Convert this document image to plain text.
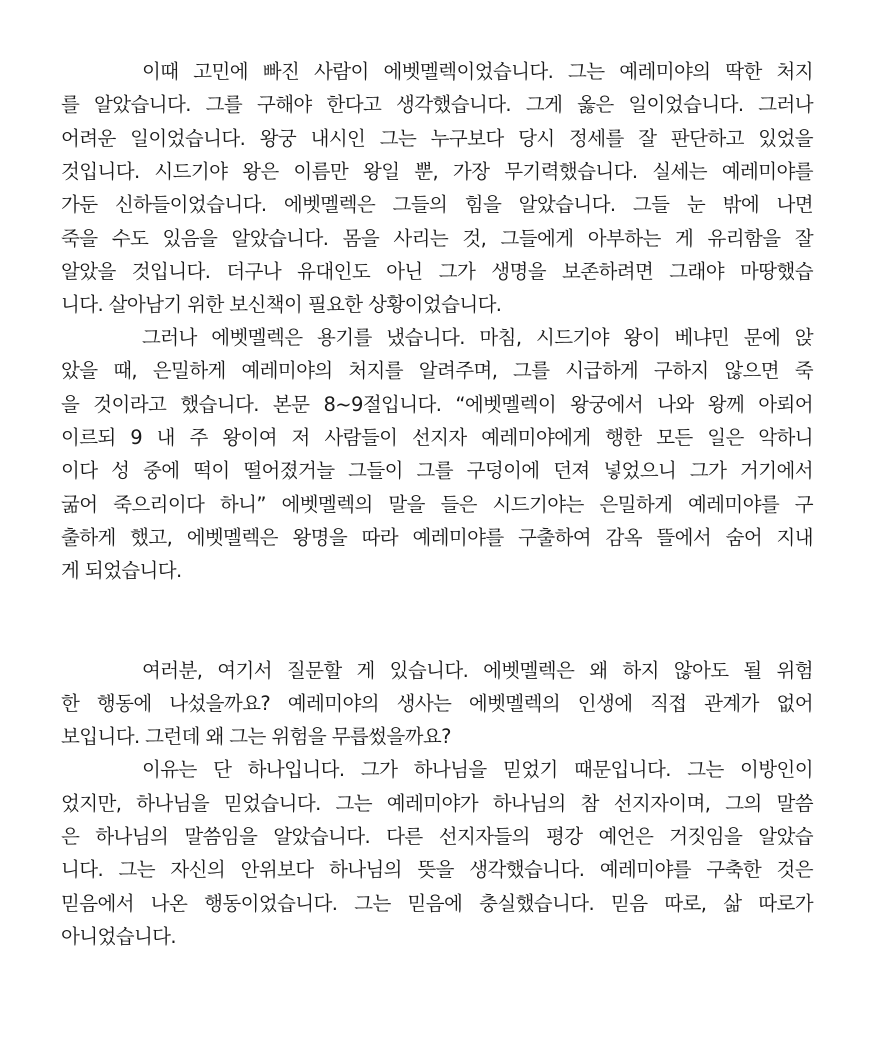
이때 고민에 빠진 사람이 에벳멜렉이었습니다. 그는 예레미야의 딱한 처지
를 알았습니다. 그를 구해야 한다고 생각했습니다. 그게 옳은 일이었습니다. 그러나
어려운 일이었습니다. 왕궁 내시인 그는 누구보다 당시 정세를 잘 판단하고 있었을
것입니다. 시드기야 왕은 이름만 왕일 뿐, 가장 무기력했습니다. 실세는 예레미야를
가둔 신하들이었습니다. 에벳멜렉은 그들의 힘을 알았습니다. 그들 눈 밖에 나면
죽을 수도 있음을 알았습니다. 몸을 사리는 것, 그들에게 아부하는 게 유리함을 잘
알았을 것입니다. 더구나 유대인도 아닌 그가 생명을 보존하려면 그래야 마땅했습
니다. 살아남기 위한 보신책이 필요한 상황이었습니다.
그러나 에벳멜렉은 용기를 냈습니다. 마침, 시드기야 왕이 베냐민 문에 앉
았을 때, 은밀하게 예레미야의 처지를 알려주며, 그를 시급하게 구하지 않으면 죽
을 것이라고 했습니다. 본문 8~9절입니다. “에벳멜렉이 왕궁에서 나와 왕께 아뢰어
이르되 9 내 주 왕이여 저 사람들이 선지자 예레미야에게 행한 모든 일은 악하니
이다 성 중에 떡이 떨어졌거늘 그들이 그를 구덩이에 던져 넣었으니 그가 거기에서
굶어 죽으리이다 하니” 에벳멜렉의 말을 들은 시드기야는 은밀하게 예레미야를 구
출하게 했고, 에벳멜렉은 왕명을 따라 예레미야를 구출하여 감옥 뜰에서 숨어 지내
게 되었습니다.
여러분, 여기서 질문할 게 있습니다. 에벳멜렉은 왜 하지 않아도 될 위험
한 행동에 나섰을까요? 예레미야의 생사는 에벳멜렉의 인생에 직접 관계가 없어
보입니다. 그런데 왜 그는 위험을 무릅썼을까요?
이유는 단 하나입니다. 그가 하나님을 믿었기 때문입니다. 그는 이방인이
었지만, 하나님을 믿었습니다. 그는 예레미야가 하나님의 참 선지자이며, 그의 말씀
은 하나님의 말씀임을 알았습니다. 다른 선지자들의 평강 예언은 거짓임을 알았습
니다. 그는 자신의 안위보다 하나님의 뜻을 생각했습니다. 예레미야를 구축한 것은
믿음에서 나온 행동이었습니다. 그는 믿음에 충실했습니다. 믿음 따로, 삶 따로가
아니었습니다.
